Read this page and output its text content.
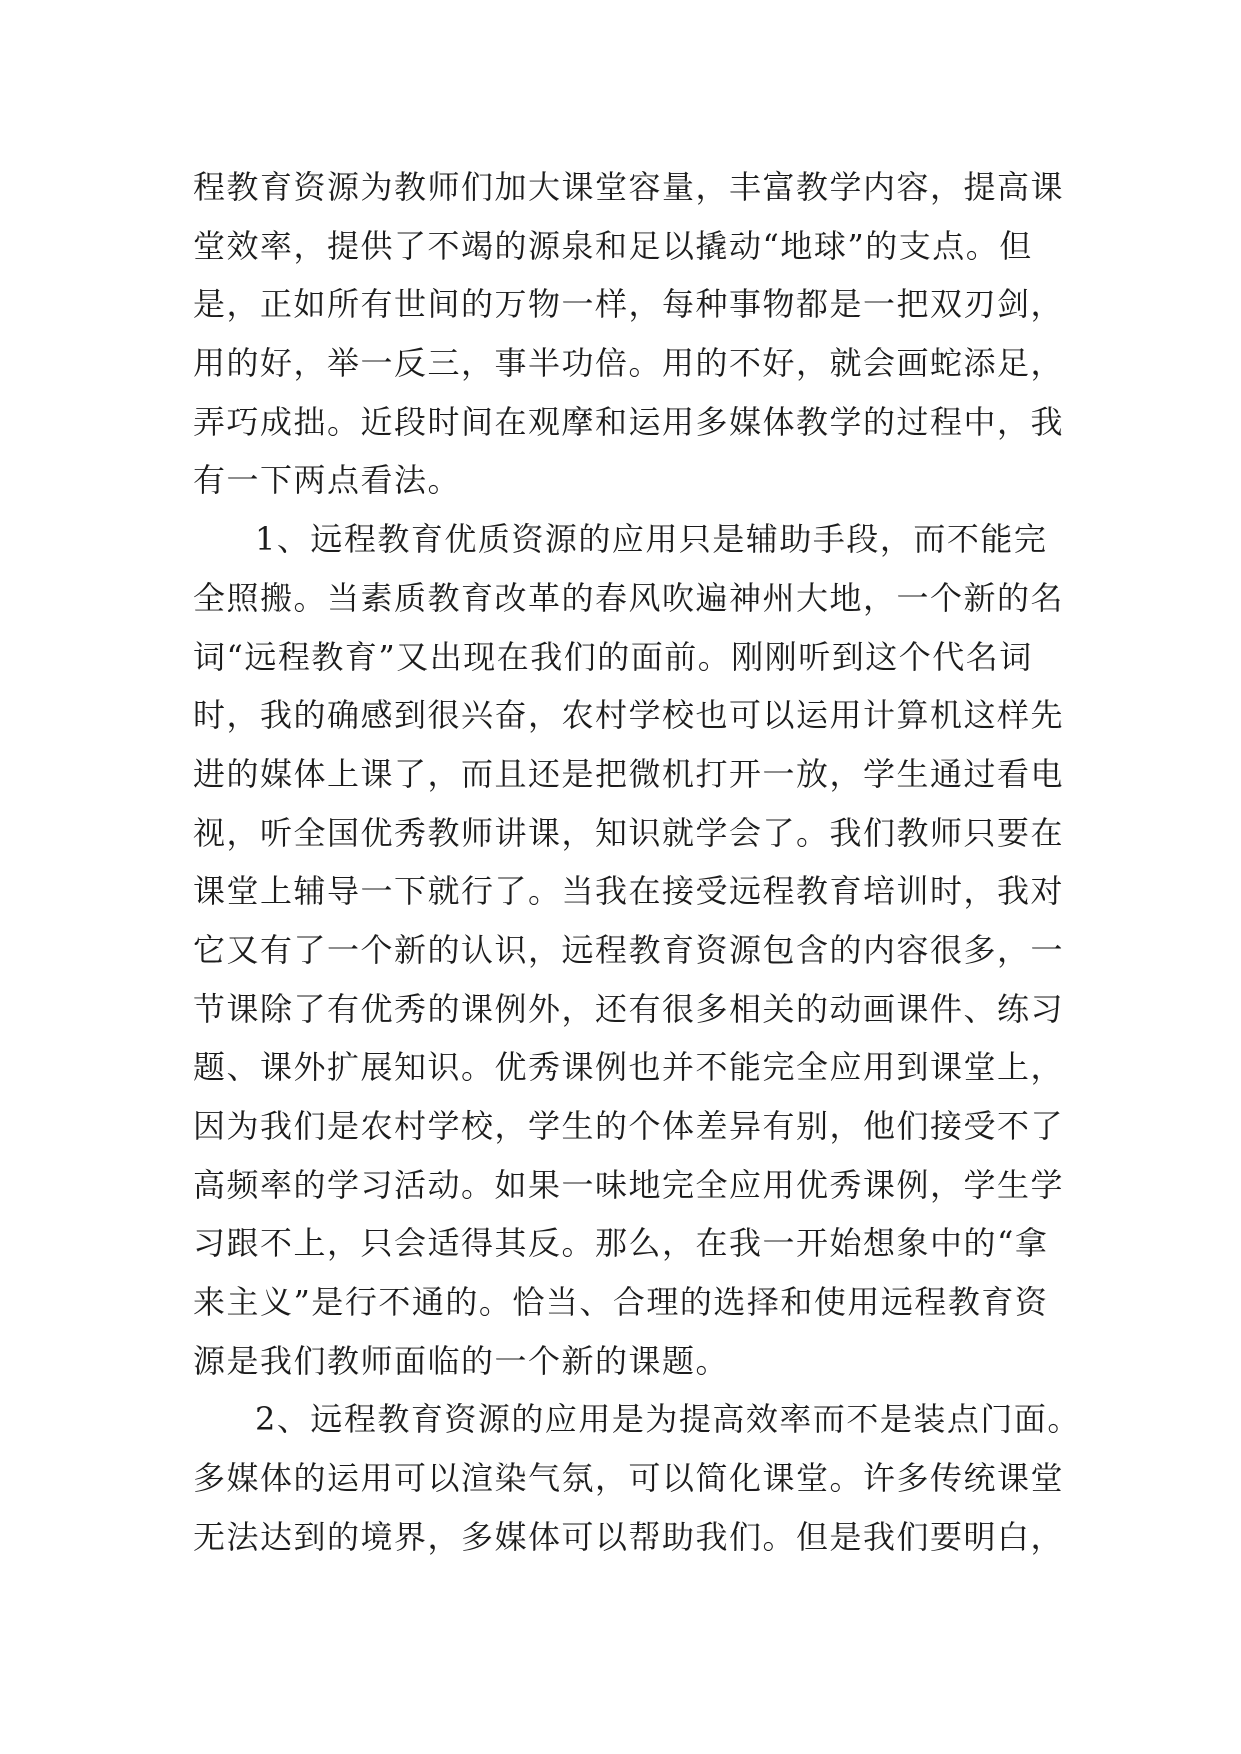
程教育资源为教师们加大课堂容量，丰富教学内容，提高课
堂效率，提供了不竭的源泉和足以撬动“地球”的支点。但
是，正如所有世间的万物一样，每种事物都是一把双刃剑，
用的好，举一反三，事半功倍。用的不好，就会画蛇添足，
弄巧成拙。近段时间在观摩和运用多媒体教学的过程中，我
有一下两点看法。
1、远程教育优质资源的应用只是辅助手段，而不能完
全照搬。当素质教育改革的春风吹遍神州大地，一个新的名
词“远程教育”又出现在我们的面前。刚刚听到这个代名词
时，我的确感到很兴奋，农村学校也可以运用计算机这样先
进的媒体上课了，而且还是把微机打开一放，学生通过看电
视，听全国优秀教师讲课，知识就学会了。我们教师只要在
课堂上辅导一下就行了。当我在接受远程教育培训时，我对
它又有了一个新的认识，远程教育资源包含的内容很多，一
节课除了有优秀的课例外，还有很多相关的动画课件、练习
题、课外扩展知识。优秀课例也并不能完全应用到课堂上，
因为我们是农村学校，学生的个体差异有别，他们接受不了
高频率的学习活动。如果一味地完全应用优秀课例，学生学
习跟不上，只会适得其反。那么，在我一开始想象中的“拿
来主义”是行不通的。恰当、合理的选择和使用远程教育资
源是我们教师面临的一个新的课题。
2、远程教育资源的应用是为提高效率而不是装点门面。
多媒体的运用可以渲染气氛，可以简化课堂。许多传统课堂
无法达到的境界，多媒体可以帮助我们。但是我们要明白，
